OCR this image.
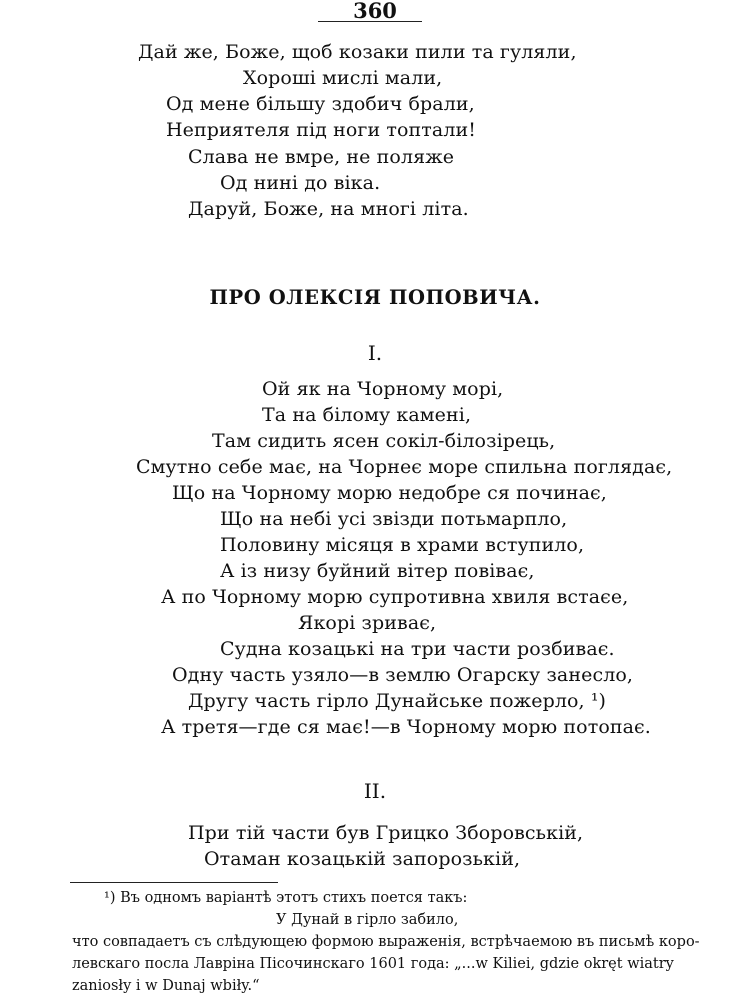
360
Дай же, Боже, щоб козаки пили та гуляли,
Хороші мислі мали,
Од мене більшу здобич брали,
Неприятеля під ноги топтали!
Слава не вмре, не поляже
Од нині до віка.
Даруй, Боже, на многі літа.
ПРО ОЛЕКСІЯ ПОПОВИЧА.
I.
Ой як на Чорному морі,
Та на білому камені,
Там сидить ясен сокіл-білозірець,
Смутно себе має, на Чорнеє море спильна поглядає,
Що на Чорному морю недобре ся починає,
Що на небі усі звізди потьмарпло,
Половину місяця в храми вступило,
А із низу буйний вітер повіває,
А по Чорному морю супротивна хвиля встаєе,
Якорі зриває,
Судна козацькі на три части розбиває.
Одну часть узяло—в землю Огарску занесло,
Другу часть гірло Дунайське пожерло, ¹)
А третя—где ся має!—в Чорному морю потопає.
II.
При тій части був Грицко Зборовській,
Отаман козацькій запорозькій,
¹) Въ одномъ варіантѣ этотъ стихъ поется такъ:
У Дунай в гірло забило,
что совпадаетъ съ слѣдующею формою выраженія, встрѣчаемою въ письмѣ коро-
левскаго посла Лавріна Пісочинскаго 1601 года: „...w Kiliei, gdzie okręt wiatry
zaniosły i w Dunaj wbiły.“
